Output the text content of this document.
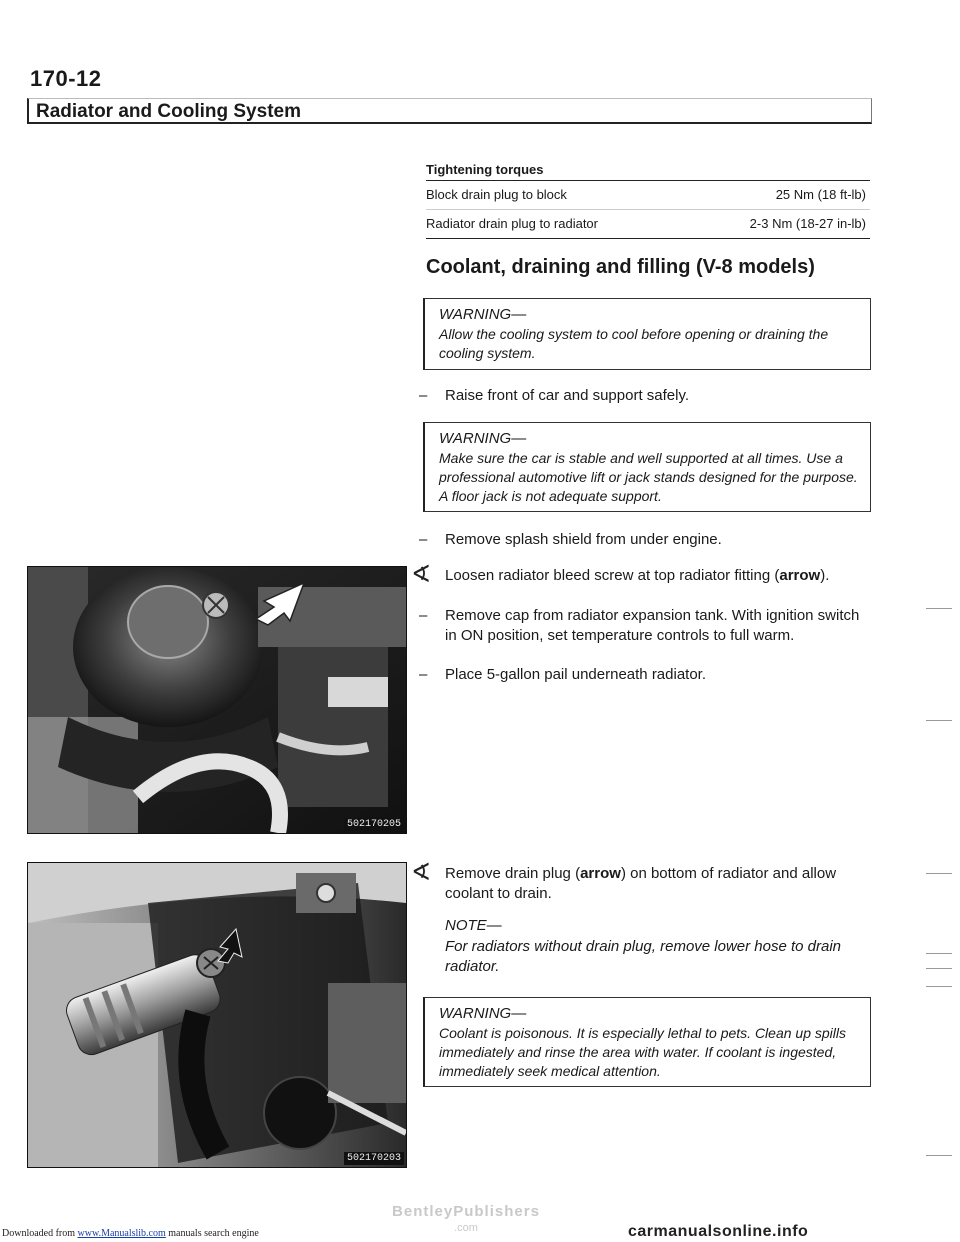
170-12
Radiator and Cooling System
Tightening torques
Block drain plug to block	25 Nm (18 ft-lb)
Radiator drain plug to radiator	2-3 Nm (18-27 in-lb)
Coolant, draining and filling (V-8 models)
WARNING—
Allow the cooling system to cool before opening or draining the cooling system.
– Raise front of car and support safely.
WARNING—
Make sure the car is stable and well supported at all times. Use a professional automotive lift or jack stands designed for the purpose. A floor jack is not adequate support.
– Remove splash shield from under engine.
∢ Loosen radiator bleed screw at top radiator fitting (arrow).
– Remove cap from radiator expansion tank. With ignition switch in ON position, set temperature controls to full warm.
– Place 5-gallon pail underneath radiator.
502170205
∢ Remove drain plug (arrow) on bottom of radiator and allow coolant to drain.
NOTE—
For radiators without drain plug, remove lower hose to drain radiator.
WARNING—
Coolant is poisonous. It is especially lethal to pets. Clean up spills immediately and rinse the area with water. If coolant is ingested, immediately seek medical attention.
502170203
BentleyPublishers
.com
Downloaded from www.Manualslib.com manuals search engine	carmanualsonline.info
